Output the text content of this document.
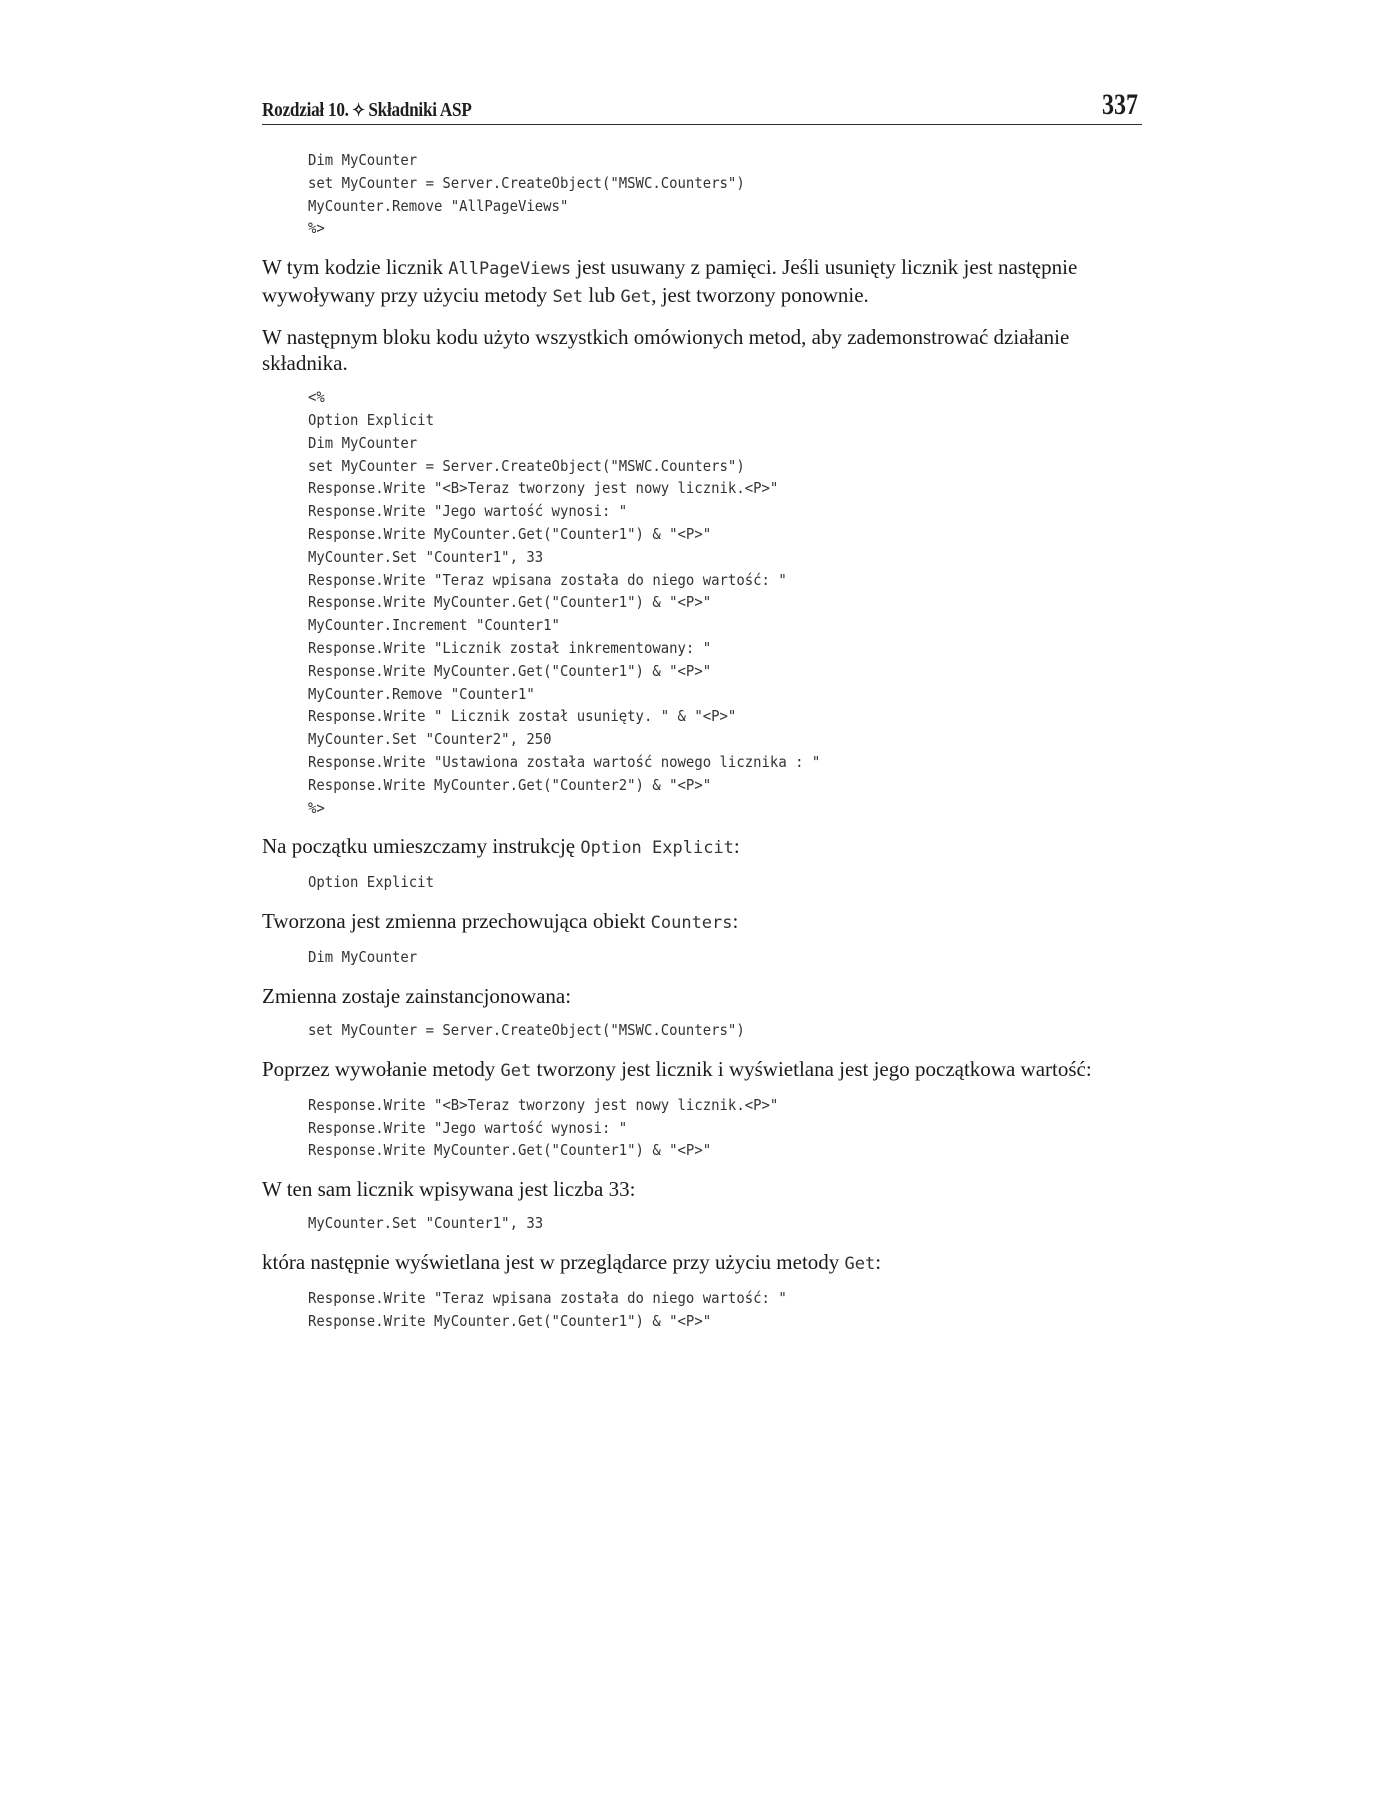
Rozdział 10. ✧ Składniki ASP	337
Dim MyCounter
set MyCounter = Server.CreateObject("MSWC.Counters")
MyCounter.Remove "AllPageViews"
%>

W tym kodzie licznik AllPageViews jest usuwany z pamięci. Jeśli usunięty licznik jest następnie wywoływany przy użyciu metody Set lub Get, jest tworzony ponownie.

W następnym bloku kodu użyto wszystkich omówionych metod, aby zademonstrować działanie składnika.

<%
Option Explicit
Dim MyCounter
set MyCounter = Server.CreateObject("MSWC.Counters")
Response.Write "<B>Teraz tworzony jest nowy licznik.<P>"
Response.Write "Jego wartość wynosi: "
Response.Write MyCounter.Get("Counter1") & "<P>"
MyCounter.Set "Counter1", 33
Response.Write "Teraz wpisana została do niego wartość: "
Response.Write MyCounter.Get("Counter1") & "<P>"
MyCounter.Increment "Counter1"
Response.Write "Licznik został inkrementowany: "
Response.Write MyCounter.Get("Counter1") & "<P>"
MyCounter.Remove "Counter1"
Response.Write " Licznik został usunięty. " & "<P>"
MyCounter.Set "Counter2", 250
Response.Write "Ustawiona została wartość nowego licznika : "
Response.Write MyCounter.Get("Counter2") & "<P>"
%>

Na początku umieszczamy instrukcję Option Explicit:

Option Explicit

Tworzona jest zmienna przechowująca obiekt Counters:

Dim MyCounter

Zmienna zostaje zainstancjonowana:

set MyCounter = Server.CreateObject("MSWC.Counters")

Poprzez wywołanie metody Get tworzony jest licznik i wyświetlana jest jego początkowa wartość:

Response.Write "<B>Teraz tworzony jest nowy licznik.<P>"
Response.Write "Jego wartość wynosi: "
Response.Write MyCounter.Get("Counter1") & "<P>"

W ten sam licznik wpisywana jest liczba 33:

MyCounter.Set "Counter1", 33

która następnie wyświetlana jest w przeglądarce przy użyciu metody Get:

Response.Write "Teraz wpisana została do niego wartość: "
Response.Write MyCounter.Get("Counter1") & "<P>"
